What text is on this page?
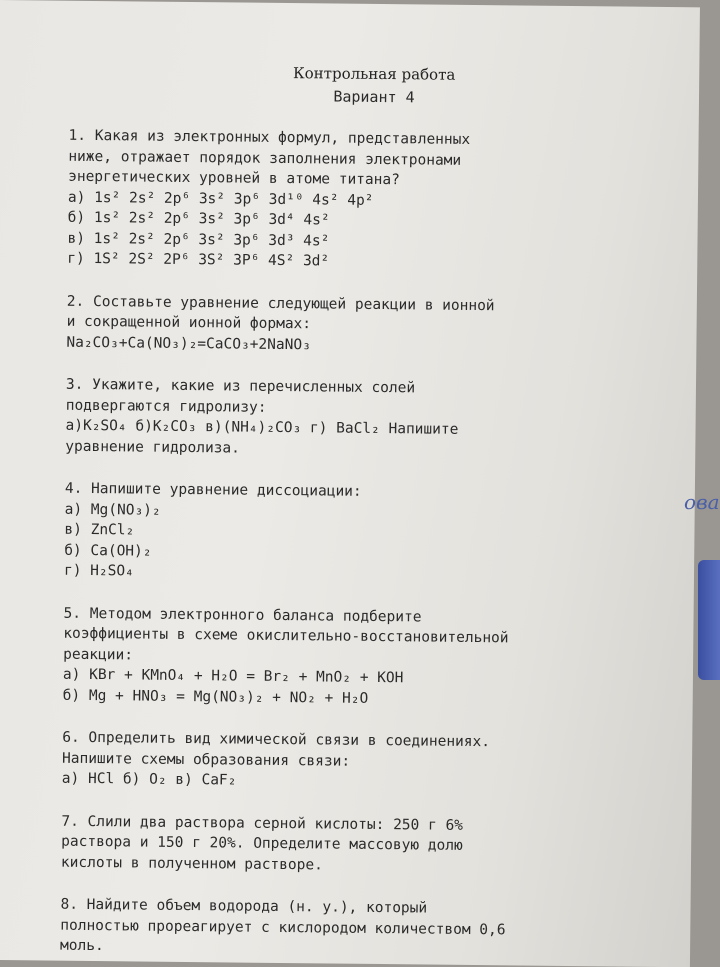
Контрольная работа
Вариант 4

1. Какая из электронных формул, представленных

ниже, отражает порядок заполнения электронами

энергетических уровней в атоме титана?

а) 1s² 2s² 2p⁶ 3s² 3p⁶ 3d¹⁰ 4s² 4p²

б) 1s² 2s² 2p⁶ 3s² 3p⁶ 3d⁴ 4s²

в) 1s² 2s² 2p⁶ 3s² 3p⁶ 3d³ 4s²

г) 1S² 2S² 2P⁶ 3S² 3P⁶ 4S² 3d²

2. Составьте уравнение следующей реакции в ионной

и сокращенной ионной формах:

Na₂CO₃+Ca(NO₃)₂=CaCO₃+2NaNO₃

3. Укажите, какие из перечисленных солей

подвергаются гидролизу:

а)K₂SO₄ б)K₂CO₃ в)(NH₄)₂CO₃ г) BaCl₂ Напишите

уравнение гидролиза.

4. Напишите уравнение диссоциации:

а) Mg(NO₃)₂

в) ZnCl₂

б) Ca(OH)₂

г) H₂SO₄

5. Методом электронного баланса подберите

коэффициенты в схеме окислительно-восстановительной

реакции:

а) KBr + KMnO₄ + H₂O = Br₂ + MnO₂ + KOH

б) Mg + HNO₃ = Mg(NO₃)₂ + NO₂ + H₂O

6. Определить вид химической связи в соединениях.

Напишите схемы образования связи:

а) HCl б) O₂ в) CaF₂

7. Слили два раствора серной кислоты: 250 г 6%

раствора и 150 г 20%. Определите массовую долю

кислоты в полученном растворе.

8. Найдите объем водорода (н. у.), который

полностью прореагирует с кислородом количеством 0,6

моль.

ова
